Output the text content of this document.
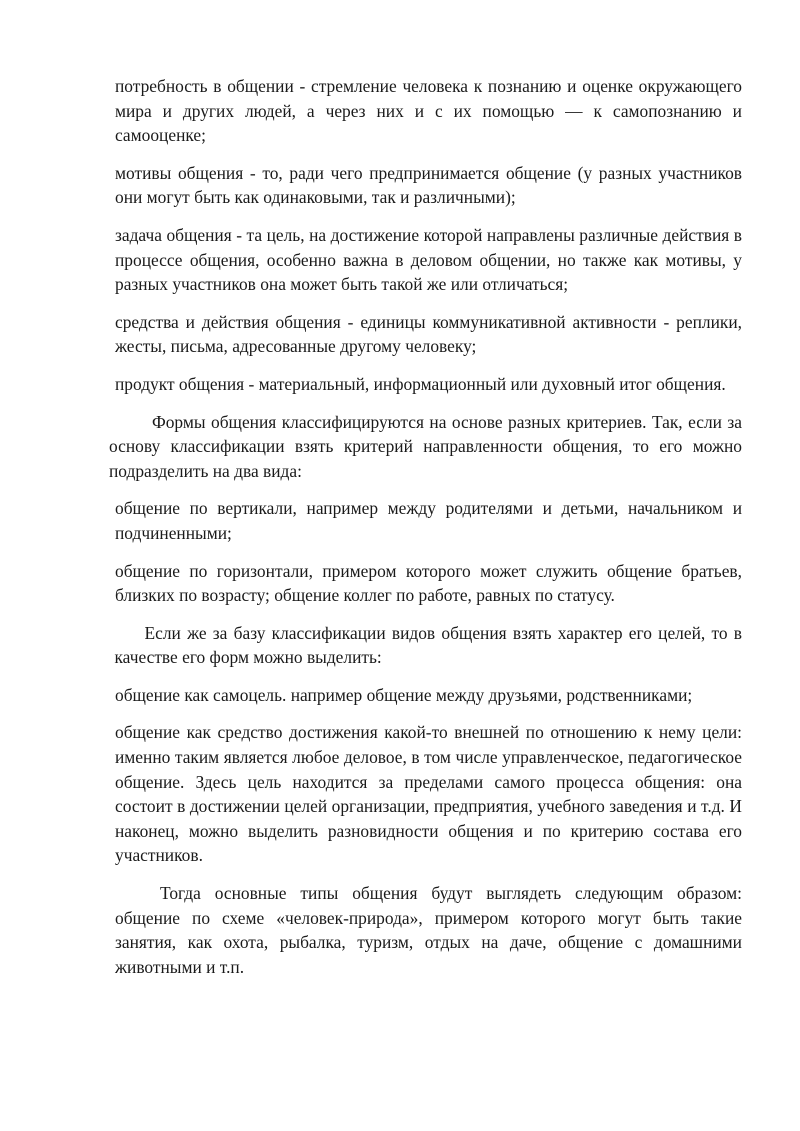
потребность в общении - стремление человека к познанию и оценке окружающего мира и других людей, а через них и с их помощью — к самопознанию и самооценке;

мотивы общения - то, ради чего предпринимается общение (у разных участников они могут быть как одинаковыми, так и различными);

задача общения - та цель, на достижение которой направлены различные действия в процессе общения, особенно важна в деловом общении, но также как мотивы, у разных участников она может быть такой же или отличаться;

средства и действия общения - единицы коммуникативной активности - реплики, жесты, письма, адресованные другому человеку;

продукт общения - материальный, информационный или духовный итог общения.

Формы общения классифицируются на основе разных критериев. Так, если за основу классификации взять критерий направленности общения, то его можно подразделить на два вида:

общение по вертикали, например между родителями и детьми, начальником и подчиненными;

общение по горизонтали, примером которого может служить общение братьев, близких по возрасту; общение коллег по работе, равных по статусу.

Если же за базу классификации видов общения взять характер его целей, то в качестве его форм можно выделить:

общение как самоцель. например общение между друзьями, родственниками;

общение как средство достижения какой-то внешней по отношению к нему цели: именно таким является любое деловое, в том числе управленческое, педагогическое общение. Здесь цель находится за пределами самого процесса общения: она состоит в достижении целей организации, предприятия, учебного заведения и т.д. И наконец, можно выделить разновидности общения и по критерию состава его участников.

Тогда основные типы общения будут выглядеть следующим образом: общение по схеме «человек-природа», примером которого могут быть такие занятия, как охота, рыбалка, туризм, отдых на даче, общение с домашними животными и т.п.
